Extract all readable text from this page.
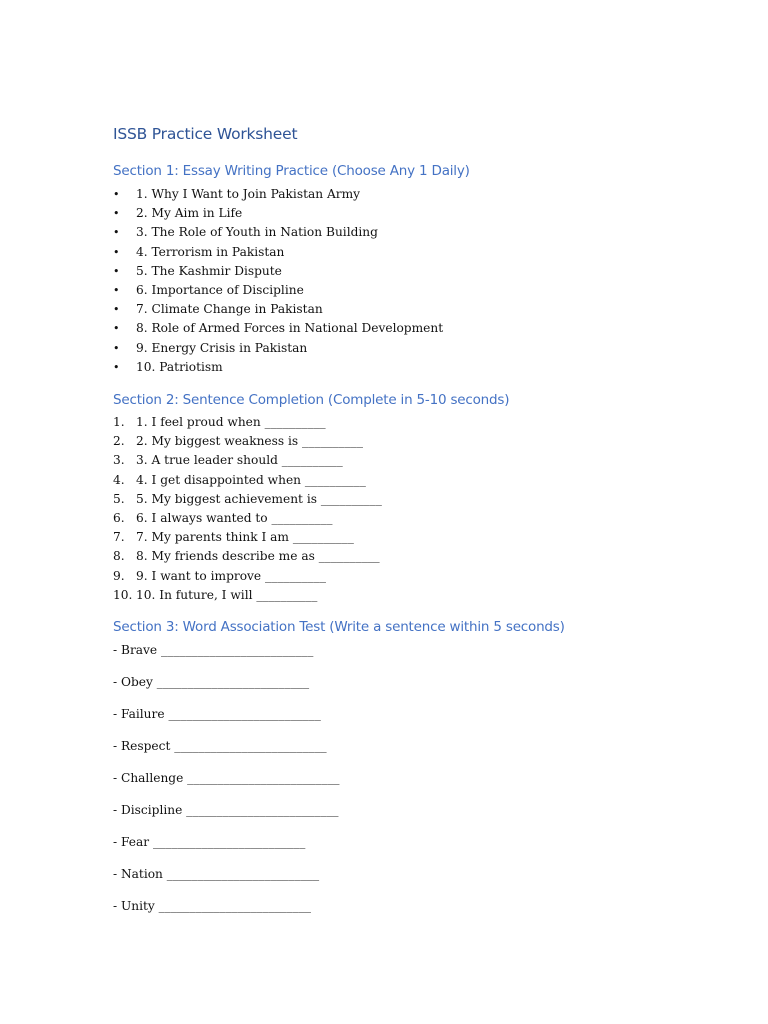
ISSB Practice Worksheet
Section 1: Essay Writing Practice (Choose Any 1 Daily)
• 1. Why I Want to Join Pakistan Army
• 2. My Aim in Life
• 3. The Role of Youth in Nation Building
• 4. Terrorism in Pakistan
• 5. The Kashmir Dispute
• 6. Importance of Discipline
• 7. Climate Change in Pakistan
• 8. Role of Armed Forces in National Development
• 9. Energy Crisis in Pakistan
• 10. Patriotism
Section 2: Sentence Completion (Complete in 5-10 seconds)
1. 1. I feel proud when __________
2. 2. My biggest weakness is __________
3. 3. A true leader should __________
4. 4. I get disappointed when __________
5. 5. My biggest achievement is __________
6. 6. I always wanted to __________
7. 7. My parents think I am __________
8. 8. My friends describe me as __________
9. 9. I want to improve __________
10. 10. In future, I will __________
Section 3: Word Association Test (Write a sentence within 5 seconds)
- Brave _________________________
- Obey _________________________
- Failure _________________________
- Respect _________________________
- Challenge _________________________
- Discipline _________________________
- Fear _________________________
- Nation _________________________
- Unity _________________________
